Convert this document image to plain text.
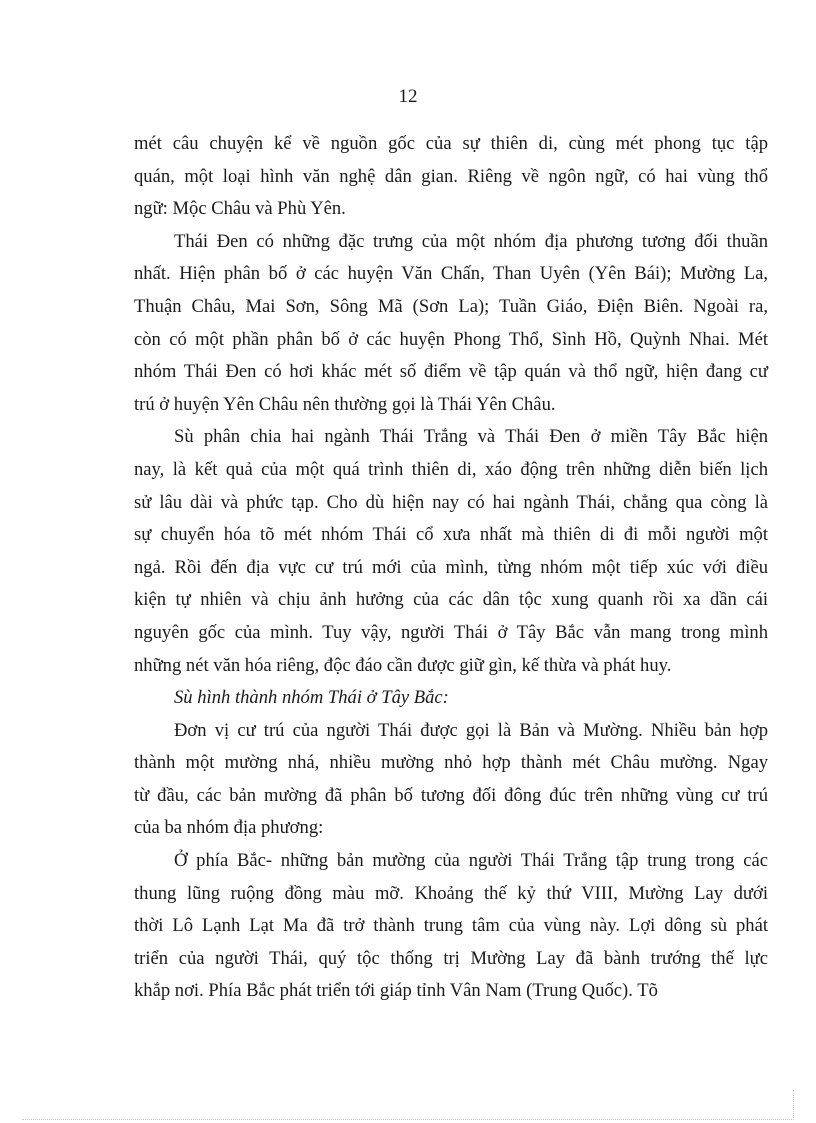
12
mét câu chuyện kể về nguồn gốc của sự thiên di, cùng mét phong tục tập
quán, một loại hình văn nghệ dân gian. Riêng về ngôn ngữ, có hai vùng thổ
ngữ: Mộc Châu và Phù Yên.
Thái Đen có những đặc trưng của một nhóm địa phương tương đối thuần
nhất. Hiện phân bố ở các huyện Văn Chấn, Than Uyên (Yên Bái); Mường La,
Thuận Châu, Mai Sơn, Sông Mã (Sơn La); Tuần Giáo, Điện Biên. Ngoài ra,
còn có một phần phân bố ở các huyện Phong Thổ, Sình Hồ, Quỳnh Nhai. Mét
nhóm Thái Đen có hơi khác mét số điểm về tập quán và thổ ngữ, hiện đang cư
trú ở huyện Yên Châu nên thường gọi là Thái Yên Châu.
Sù phân chia hai ngành Thái Trắng và Thái Đen ở miền Tây Bắc hiện
nay, là kết quả của một quá trình thiên di, xáo động trên những diễn biến lịch
sử lâu dài và phức tạp. Cho dù hiện nay có hai ngành Thái, chẳng qua còng là
sự chuyển hóa tõ mét nhóm Thái cổ xưa nhất mà thiên di đi mỗi người một
ngả. Rồi đến địa vực cư trú mới của mình, từng nhóm một tiếp xúc với điều
kiện tự nhiên và chịu ảnh hưởng của các dân tộc xung quanh rồi xa dần cái
nguyên gốc của mình. Tuy vậy, người Thái ở Tây Bắc vẫn mang trong mình
những nét văn hóa riêng, độc đáo cần được giữ gìn, kế thừa và phát huy.
Sù hình thành nhóm Thái ở Tây Bắc:
Đơn vị cư trú của người Thái được gọi là Bản và Mường. Nhiều bản hợp
thành một mường nhá, nhiều mường nhỏ hợp thành mét Châu mường. Ngay
từ đầu, các bản mường đã phân bố tương đối đông đúc trên những vùng cư trú
của ba nhóm địa phương:
Ở phía Bắc- những bản mường của người Thái Trắng tập trung trong các
thung lũng ruộng đồng màu mỡ. Khoảng thế kỷ thứ VIII, Mường Lay dưới
thời Lô Lạnh Lạt Ma đã trở thành trung tâm của vùng này. Lợi dông sù phát
triển của người Thái, quý tộc thống trị Mường Lay đã bành trướng thế lực
khắp nơi. Phía Bắc phát triển tới giáp tỉnh Vân Nam (Trung Quốc). Tõ
